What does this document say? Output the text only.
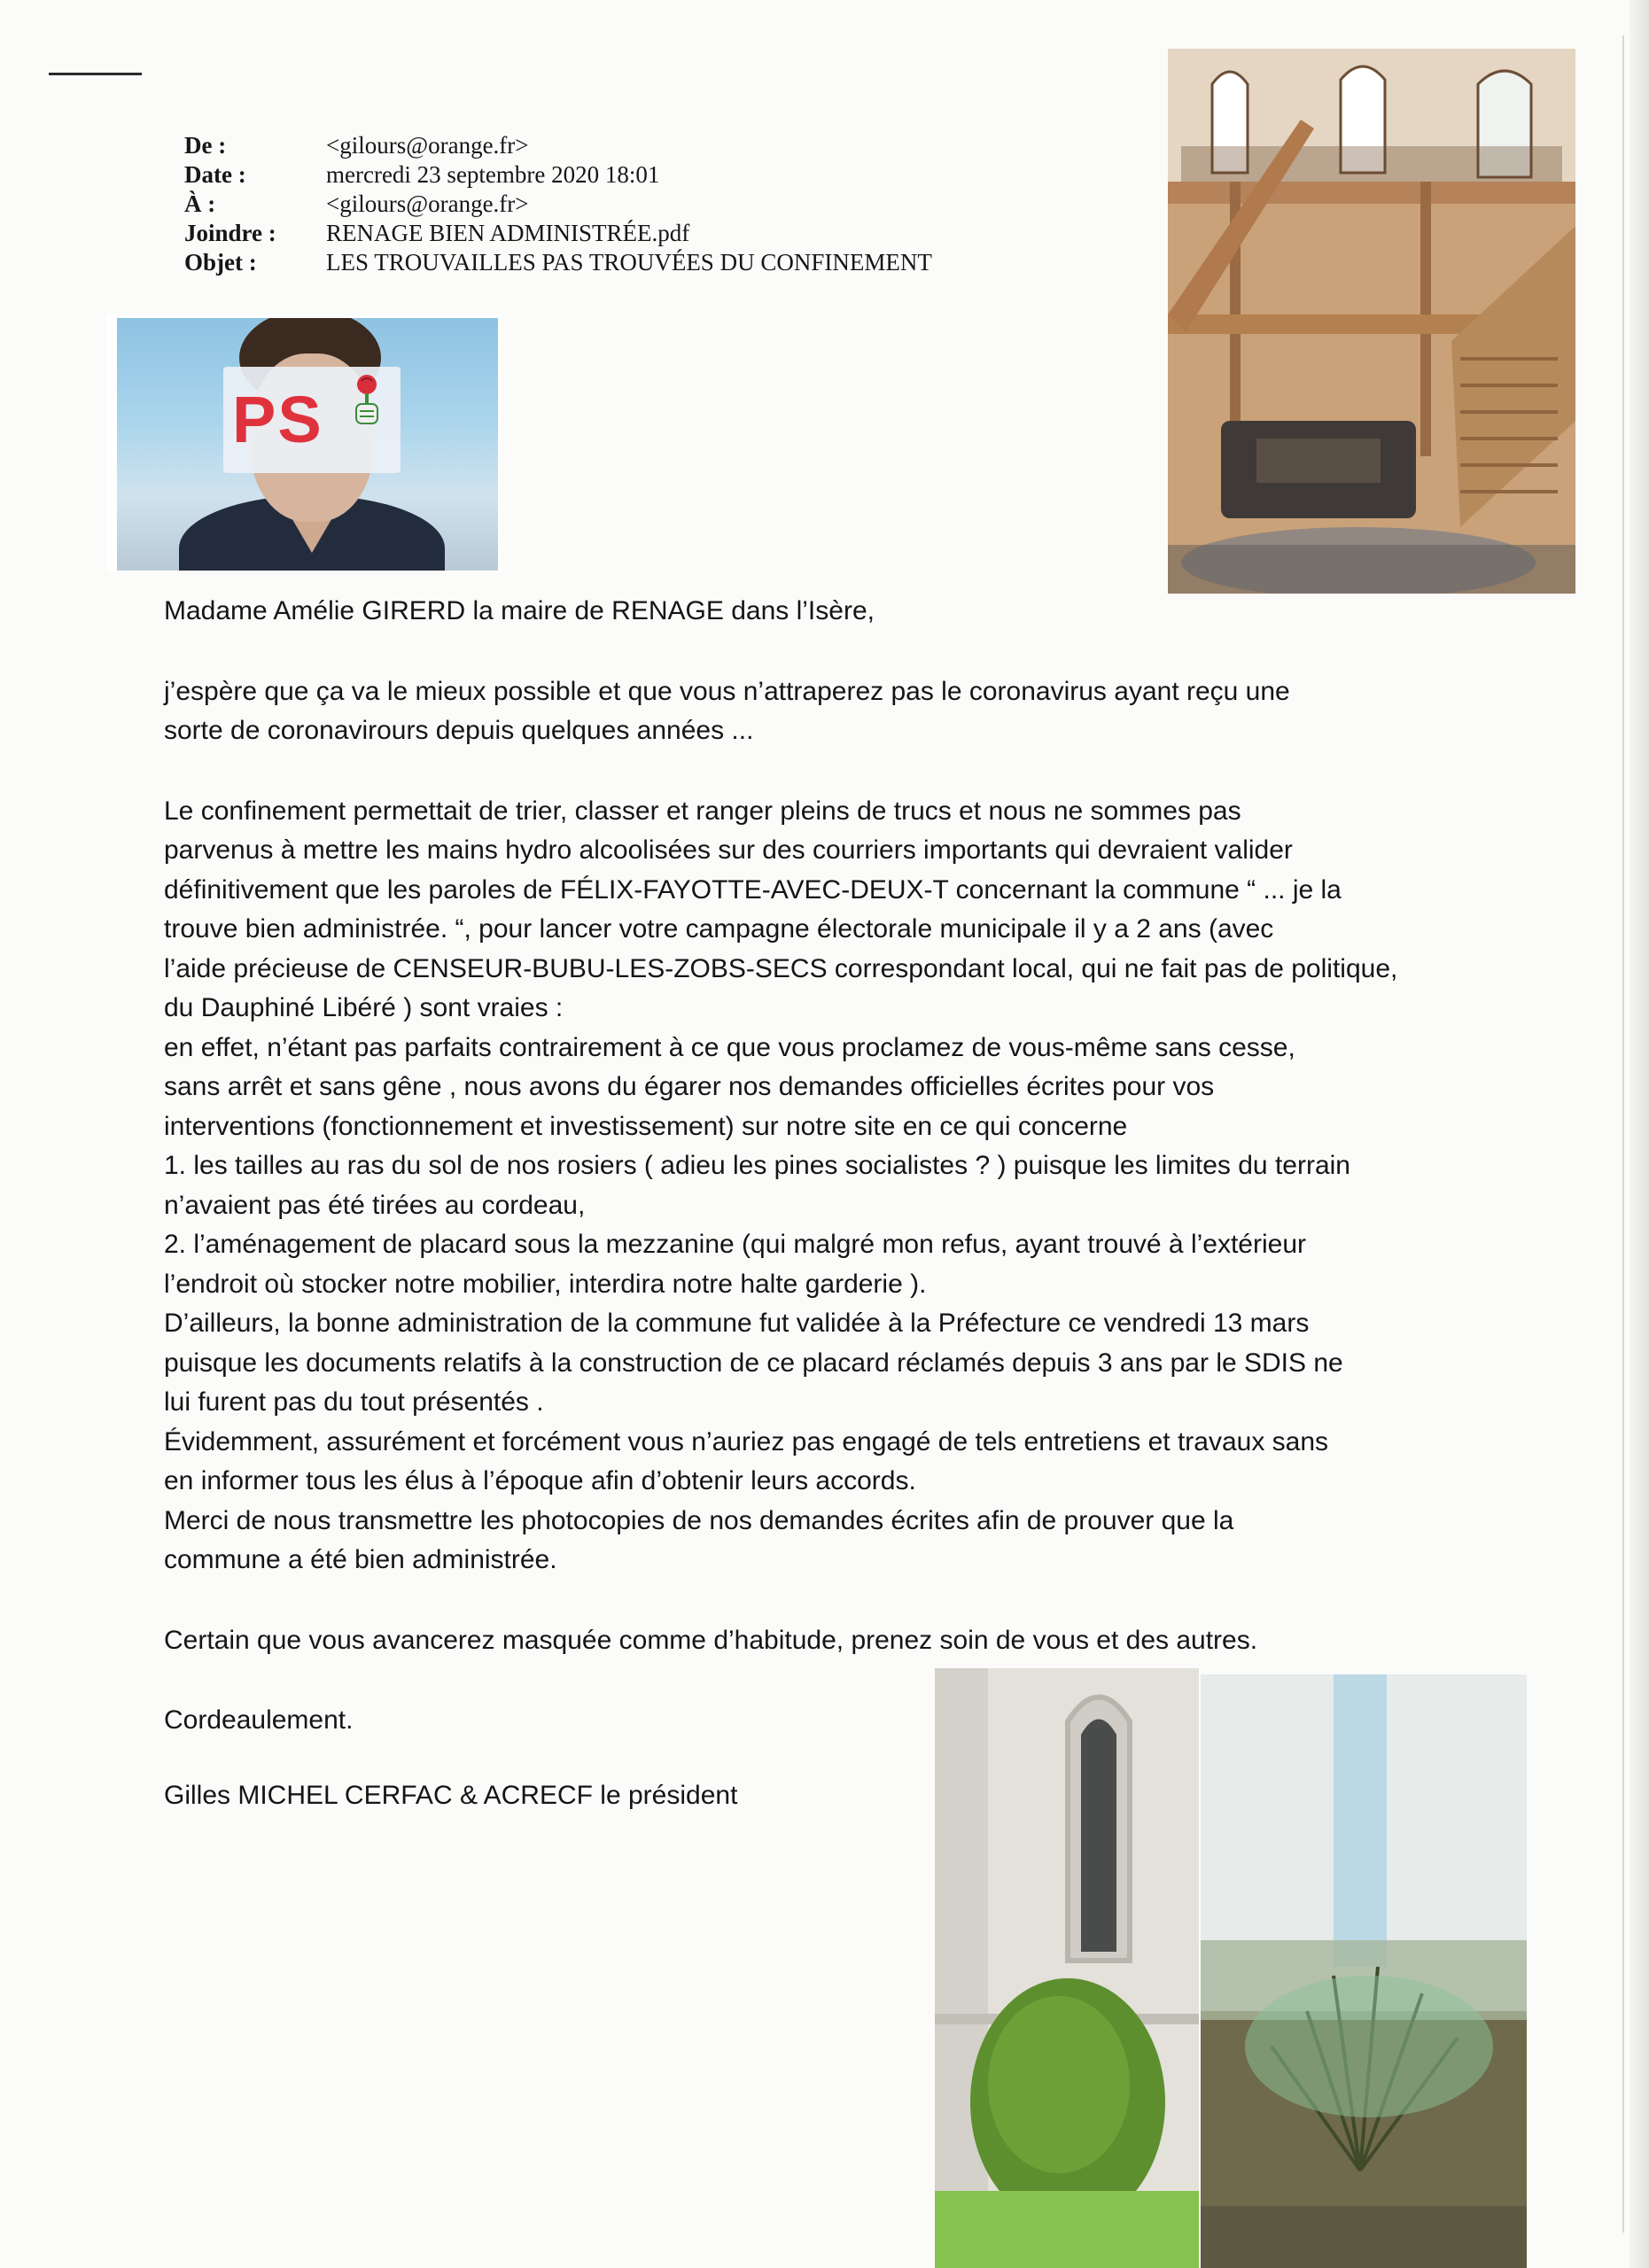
De :	<gilours@orange.fr>
Date :	mercredi 23 septembre 2020 18:01
À :	<gilours@orange.fr>
Joindre : RENAGE BIEN ADMINISTRÉE.pdf
Objet :	LES TROUVAILLES PAS TROUVÉES DU CONFINEMENT
PS
Madame Amélie GIRERD la maire de RENAGE dans l’Isère,
j’espère que ça va le mieux possible et que vous n’attraperez pas le coronavirus ayant reçu une
sorte de coronavirours depuis quelques années ...
Le confinement permettait de trier, classer et ranger pleins de trucs et nous ne sommes pas
parvenus à mettre les mains hydro alcoolisées sur des courriers importants qui devraient valider
définitivement que les paroles de FÉLIX-FAYOTTE-AVEC-DEUX-T concernant la commune “ ... je la
trouve bien administrée. “, pour lancer votre campagne électorale municipale il y a 2 ans (avec
l’aide précieuse de CENSEUR-BUBU-LES-ZOBS-SECS correspondant local, qui ne fait pas de politique,
du Dauphiné Libéré ) sont vraies :
en effet, n’étant pas parfaits contrairement à ce que vous proclamez de vous-même sans cesse,
sans arrêt et sans gêne , nous avons du égarer nos demandes officielles écrites pour vos
interventions (fonctionnement et investissement) sur notre site en ce qui concerne
1. les tailles au ras du sol de nos rosiers ( adieu les pines socialistes ? ) puisque les limites du terrain
n’avaient pas été tirées au cordeau,
2. l’aménagement de placard sous la mezzanine (qui malgré mon refus, ayant trouvé à l’extérieur
l’endroit où stocker notre mobilier, interdira notre halte garderie ).
D’ailleurs, la bonne administration de la commune fut validée à la Préfecture ce vendredi 13 mars
puisque les documents relatifs à la construction de ce placard réclamés depuis 3 ans par le SDIS ne
lui furent pas du tout présentés .
Évidemment, assurément et forcément vous n’auriez pas engagé de tels entretiens et travaux sans
en informer tous les élus à l’époque afin d’obtenir leurs accords.
Merci de nous transmettre les photocopies de nos demandes écrites afin de prouver que la
commune a été bien administrée.
Certain que vous avancerez masquée comme d’habitude, prenez soin de vous et des autres.
Cordeaulement.
Gilles MICHEL CERFAC & ACRECF le président
